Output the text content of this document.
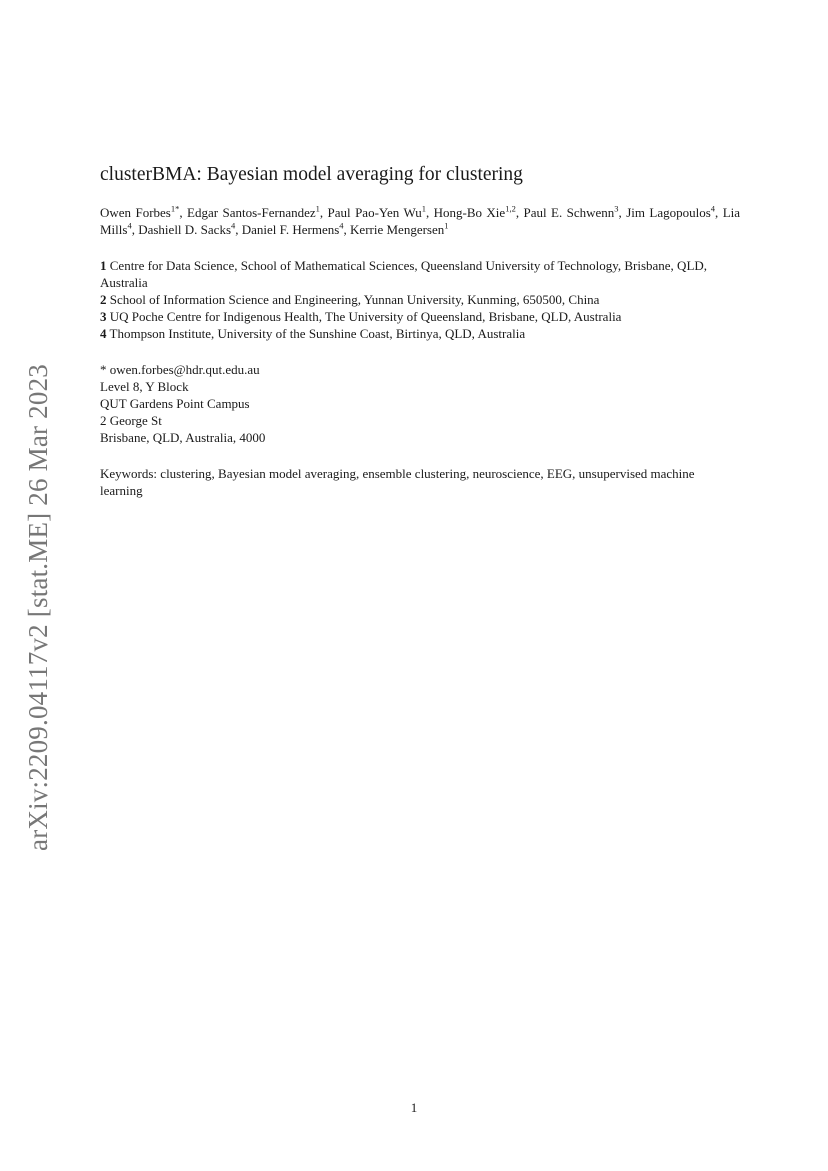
arXiv:2209.04117v2 [stat.ME] 26 Mar 2023
clusterBMA: Bayesian model averaging for clustering

Owen Forbes$^{1*}$, Edgar Santos-Fernandez$^1$, Paul Pao-Yen Wu$^1$, Hong-Bo Xie$^{1,2}$, Paul E. Schwenn$^3$, Jim Lagopoulos$^4$, Lia Mills$^4$, Dashiell D. Sacks$^4$, Daniel F. Hermens$^4$, Kerrie Mengersen$^1$

1 Centre for Data Science, School of Mathematical Sciences, Queensland University of Technology, Brisbane, QLD, Australia

2 School of Information Science and Engineering, Yunnan University, Kunming, 650500, China

3 UQ Poche Centre for Indigenous Health, The University of Queensland, Brisbane, QLD, Australia

4 Thompson Institute, University of the Sunshine Coast, Birtinya, QLD, Australia

* owen.forbes@hdr.qut.edu.au

Level 8, Y Block

QUT Gardens Point Campus

2 George St

Brisbane, QLD, Australia, 4000

Keywords: clustering, Bayesian model averaging, ensemble clustering, neuroscience, EEG, unsupervised machine learning

1
